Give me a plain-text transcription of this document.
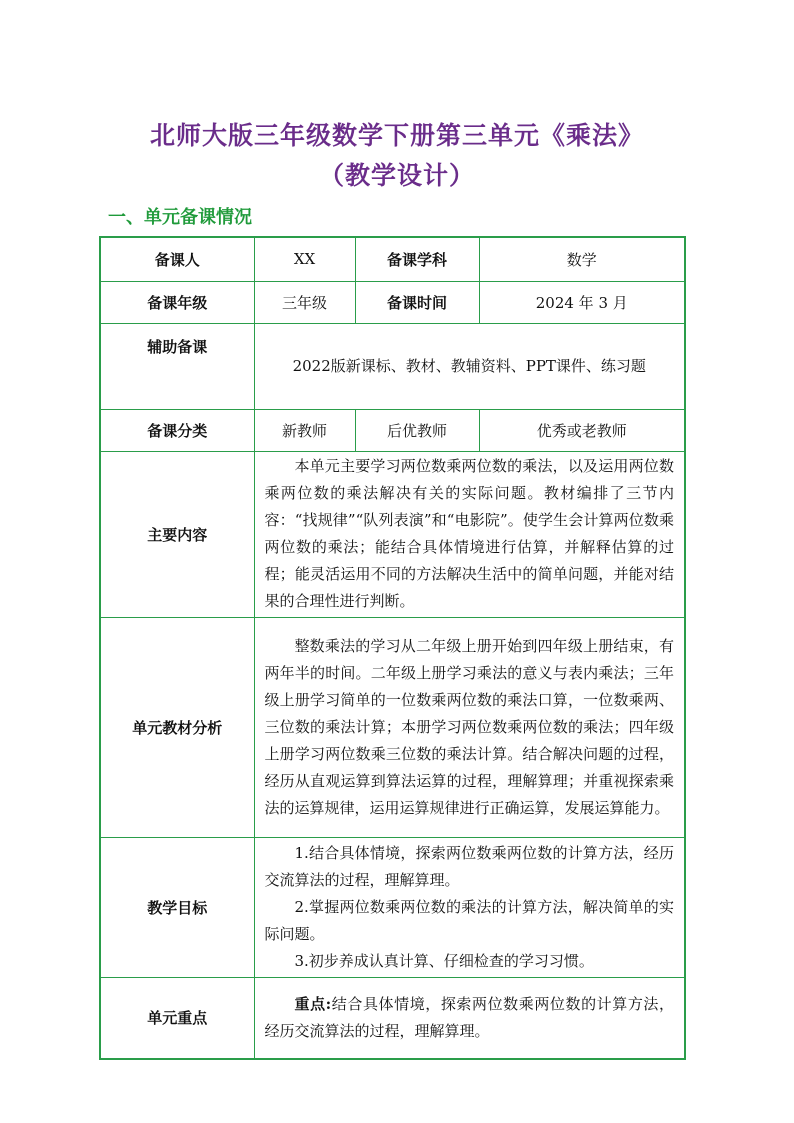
北师大版三年级数学下册第三单元《乘法》
（教学设计）
一、单元备课情况
备课人	XX	备课学科	数学
备课年级	三年级	备课时间	2024 年 3 月
辅助备课	2022版新课标、教材、教辅资料、PPT课件、练习题		
备课分类	新教师	后优教师	优秀或老教师
主要内容	本单元主要学习两位数乘两位数的乘法，以及运用两位数乘两位数的乘法解决有关的实际问题。教材编排了三节内容：“找规律”“队列表演”和“电影院”。使学生会计算两位数乘两位数的乘法；能结合具体情境进行估算，并解释估算的过程；能灵活运用不同的方法解决生活中的简单问题，并能对结果的合理性进行判断。		

单元教材分析	整数乘法的学习从二年级上册开始到四年级上册结束，有两年半的时间。二年级上册学习乘法的意义与表内乘法；三年级上册学习简单的一位数乘两位数的乘法口算，一位数乘两、三位数的乘法计算；本册学习两位数乘两位数的乘法；四年级上册学习两位数乘三位数的乘法计算。结合解决问题的过程，经历从直观运算到算法运算的过程，理解算理；并重视探索乘法的运算规律，运用运算规律进行正确运算，发展运算能力。		

教学目标	1.结合具体情境，探索两位数乘两位数的计算方法，经历交流算法的过程，理解算理。

2.掌握两位数乘两位数的乘法的计算方法，解决简单的实际问题。

3.初步养成认真计算、仔细检查的学习习惯。		

单元重点	重点:结合具体情境，探索两位数乘两位数的计算方法，经历交流算法的过程，理解算理。		
